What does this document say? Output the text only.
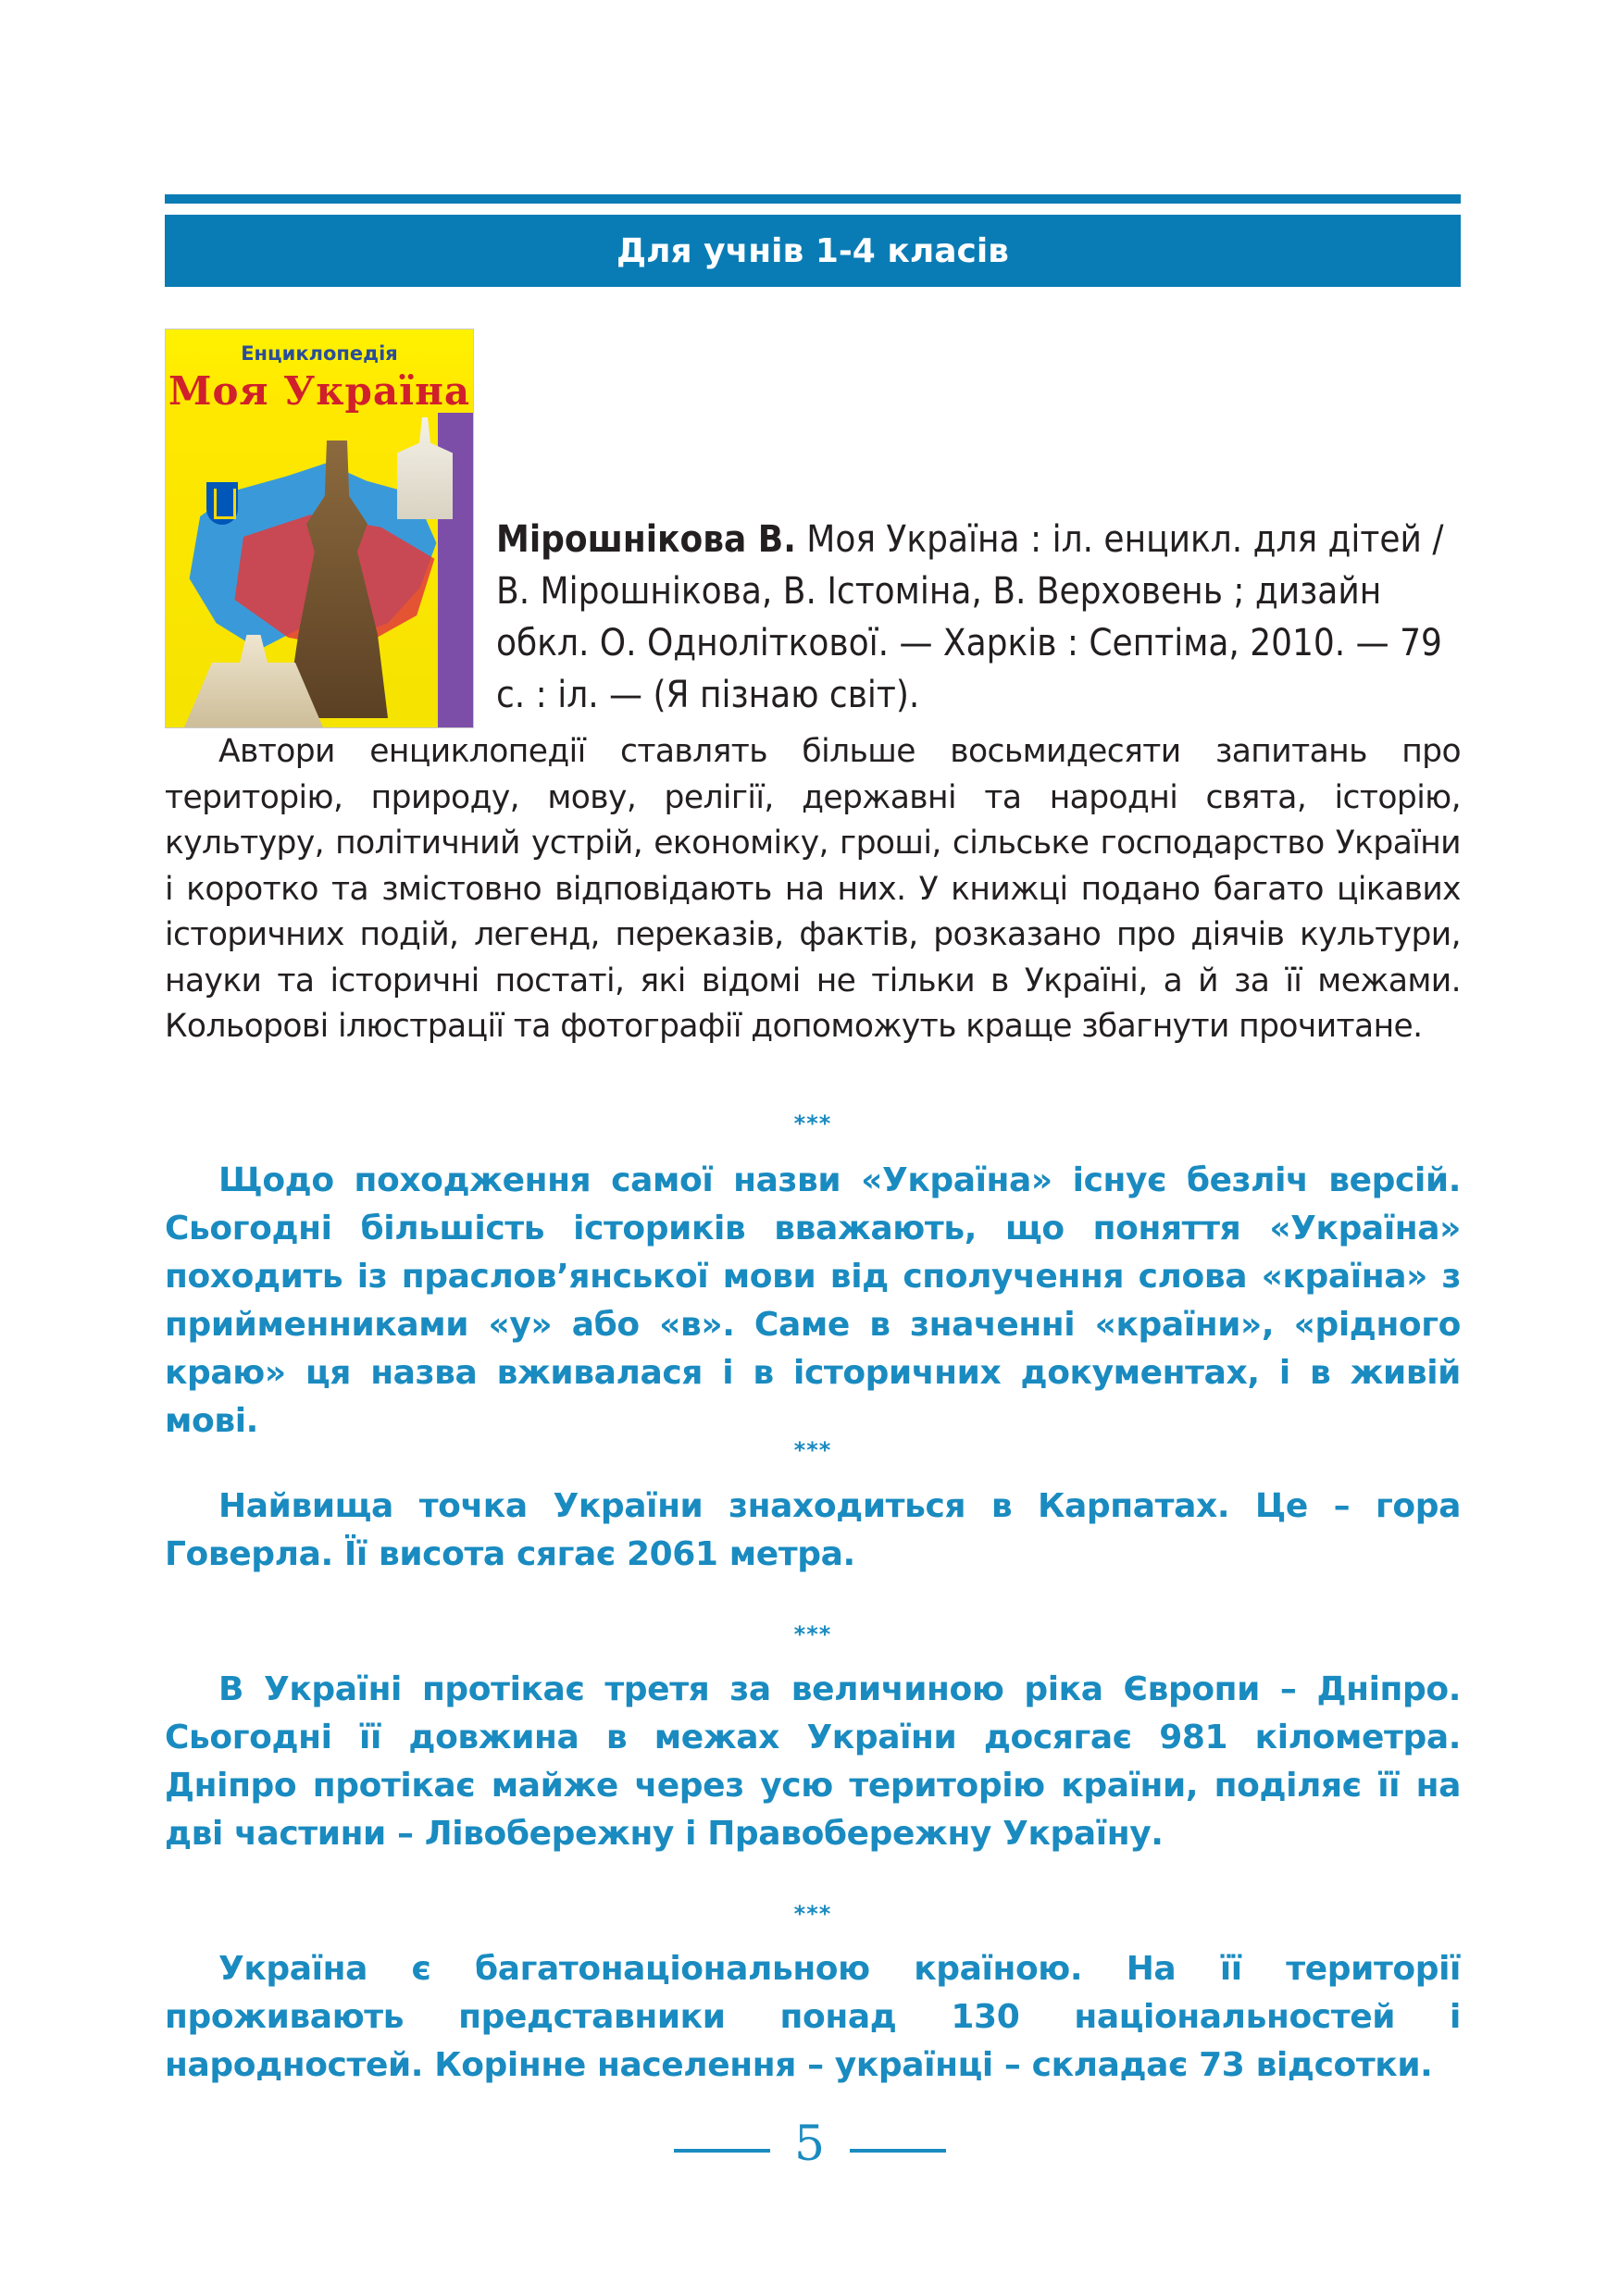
Для учнів 1-4 класів
Енциклопедія
Моя Україна
Мірошнікова В. Моя Україна : іл. енцикл. для дітей / В. Мірошнікова, В. Істоміна, В. Верховень ; дизайн обкл. О. Одноліткової. — Харків : Септіма, 2010. — 79 с. : іл. — (Я пізнаю світ).

Автори енциклопедії ставлять більше восьмидесяти запитань про територію, природу, мову, релігії, державні та народні свята, історію, культуру, політичний устрій, економіку, гроші, сільське господарство України і коротко та змістовно відповідають на них. У книжці подано багато цікавих історичних подій, легенд, переказів, фактів, розказано про діячів культури, науки та історичні постаті, які відомі не тільки в Україні, а й за її межами. Кольорові ілюстрації та фотографії допоможуть краще збагнути прочитане.

***

Щодо походження самої назви «Україна» існує безліч версій. Сьогодні більшість істориків вважають, що поняття «Україна» походить із праслов’янської мови від сполучення слова «країна» з прийменниками «у» або «в». Саме в значенні «країни», «рідного краю» ця назва вживалася і в історичних документах, і в живій мові.

***

Найвища точка України знаходиться в Карпатах. Це – гора Говерла. Її висота сягає 2061 метра.

***

В Україні протікає третя за величиною ріка Європи – Дніпро. Сьогодні її довжина в межах України досягає 981 кілометра. Дніпро протікає майже через усю територію країни, поділяє її на дві частини – Лівобережну і Правобережну Україну.

***

Україна є багатонаціональною країною. На її території проживають представники понад 130 національностей і народностей. Корінне населення – українці – складає 73 відсотки.

5
